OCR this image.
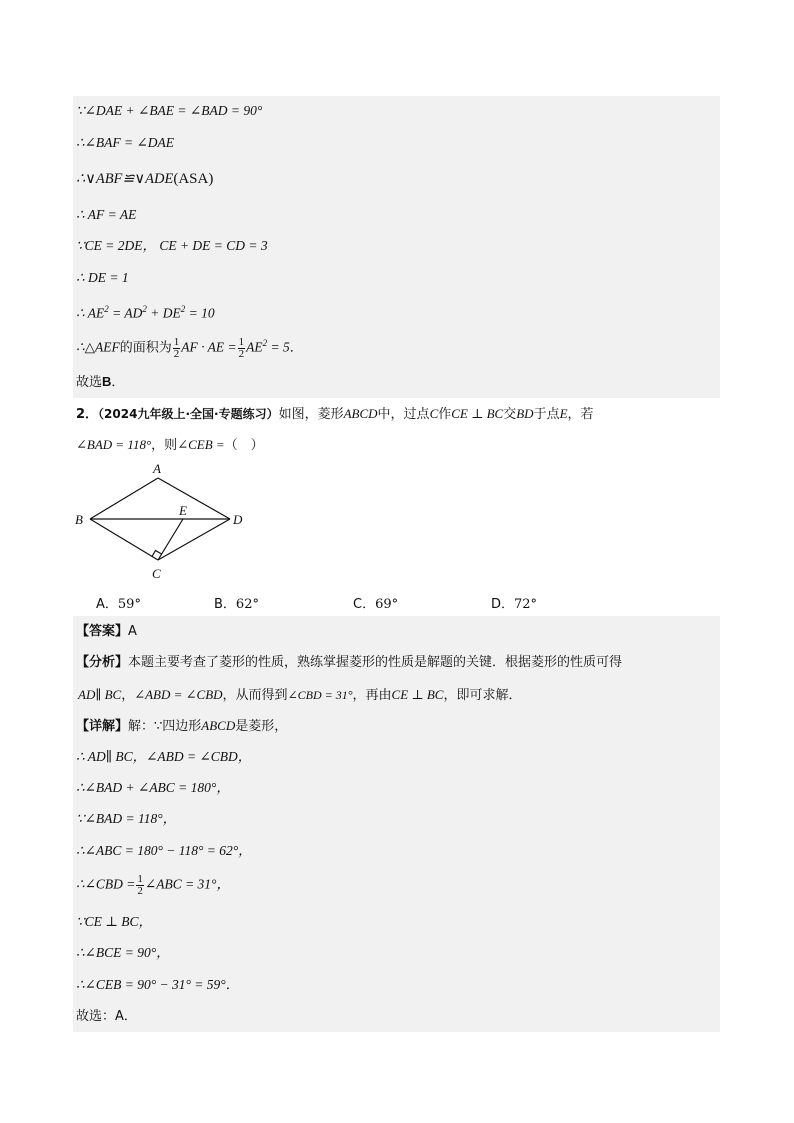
∵∠DAE + ∠BAE = ∠BAD = 90°
∴∠BAF = ∠DAE
∴∨ABF≌∨ADE(ASA)
∴ AF = AE
∵CE = 2DE， CE + DE = CD = 3
∴ DE = 1
∴ $AE^2 = AD^2 + DE^2 = 10$
∴△AEF的面积为 $\frac{1}{2}$ AF · AE = $\frac{1}{2} AE^2 = 5$．
故选B．
2．（2024九年级上·全国·专题练习）如图，菱形ABCD中，过点C作CE ⊥ BC交BD于点E，若
∠BAD = 118°，则∠CEB =（　）
A
B
C
D
E
A．59°	B．62°	C．69°	D．72°
【答案】A
【分析】本题主要考查了菱形的性质，熟练掌握菱形的性质是解题的关键．根据菱形的性质可得
AD∥ BC，∠ABD = ∠CBD，从而得到∠CBD = 31°，再由CE ⊥ BC，即可求解．
【详解】解：∵四边形ABCD是菱形，
∴ AD∥ BC，∠ABD = ∠CBD，
∴∠BAD + ∠ABC = 180°，
∵∠BAD = 118°，
∴∠ABC = 180° − 118° = 62°，
∴∠CBD = $\frac{1}{2}$ ∠ABC = 31°，
∵CE ⊥ BC，
∴∠BCE = 90°，
∴∠CEB = 90° − 31° = 59°．
故选：A．
